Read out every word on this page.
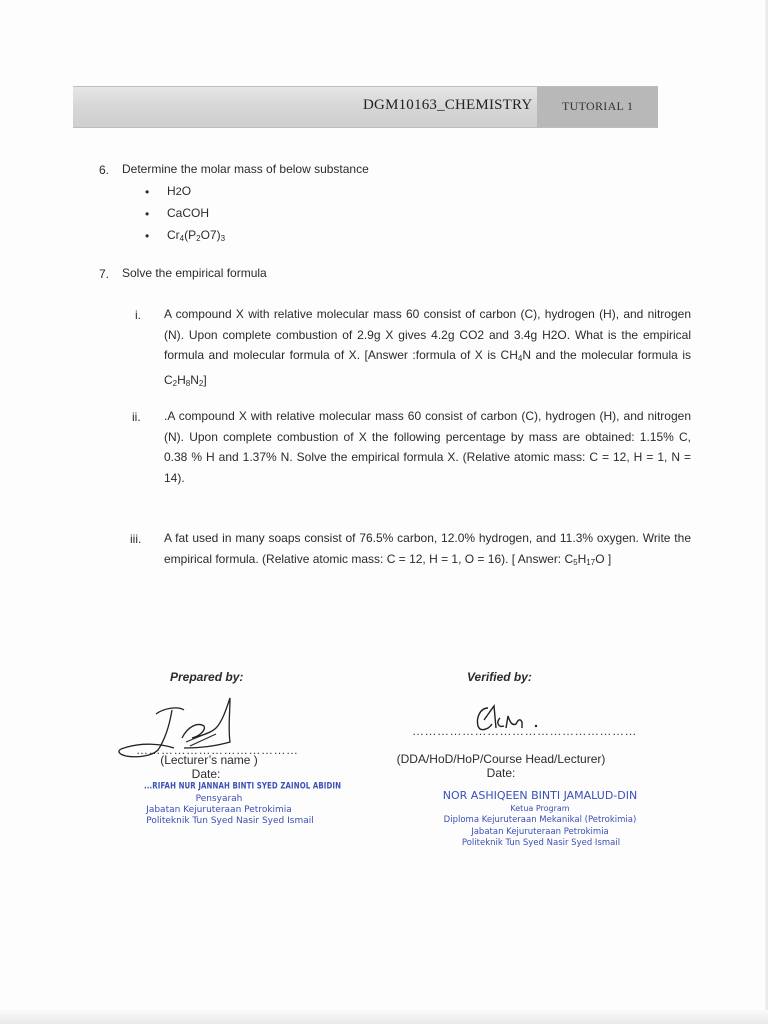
DGM10163_CHEMISTRY TUTORIAL 1
6. Determine the molar mass of below substance
• H2O
• CaCOH
• $Cr_4(P_2O7)_3$
7. Solve the empirical formula
i. A compound X with relative molecular mass 60 consist of carbon (C), hydrogen (H), and nitrogen (N). Upon complete combustion of 2.9g X gives 4.2g CO2 and 3.4g H2O. What is the empirical formula and molecular formula of X. [Answer :formula of X is $CH_4N$ and the molecular formula is $C_2H_8N_2$]
ii. .A compound X with relative molecular mass 60 consist of carbon (C), hydrogen (H), and nitrogen (N). Upon complete combustion of X the following percentage by mass are obtained: 1.15% C, 0.38 % H and 1.37% N. Solve the empirical formula X. (Relative atomic mass: C = 12, H = 1, N = 14).
iii. A fat used in many soaps consist of 76.5% carbon, 12.0% hydrogen, and 11.3% oxygen. Write the empirical formula. (Relative atomic mass: C = 12, H = 1, O = 16). [ Answer: $C_5H_{17}O$ ]
Prepared by:
…………………………………
(Lecturer’s name )
Date:
...RIFAH NUR JANNAH BINTI SYED ZAINOL ABIDIN
Pensyarah
Jabatan Kejuruteraan Petrokimia
Politeknik Tun Syed Nasir Syed Ismail
Verified by:
………………………………………………
(DDA/HoD/HoP/Course Head/Lecturer)
Date:
NOR ASHIQEEN BINTI JAMALUD-DIN
Ketua Program
Diploma Kejuruteraan Mekanikal (Petrokimia)
Jabatan Kejuruteraan Petrokimia
Politeknik Tun Syed Nasir Syed Ismail
